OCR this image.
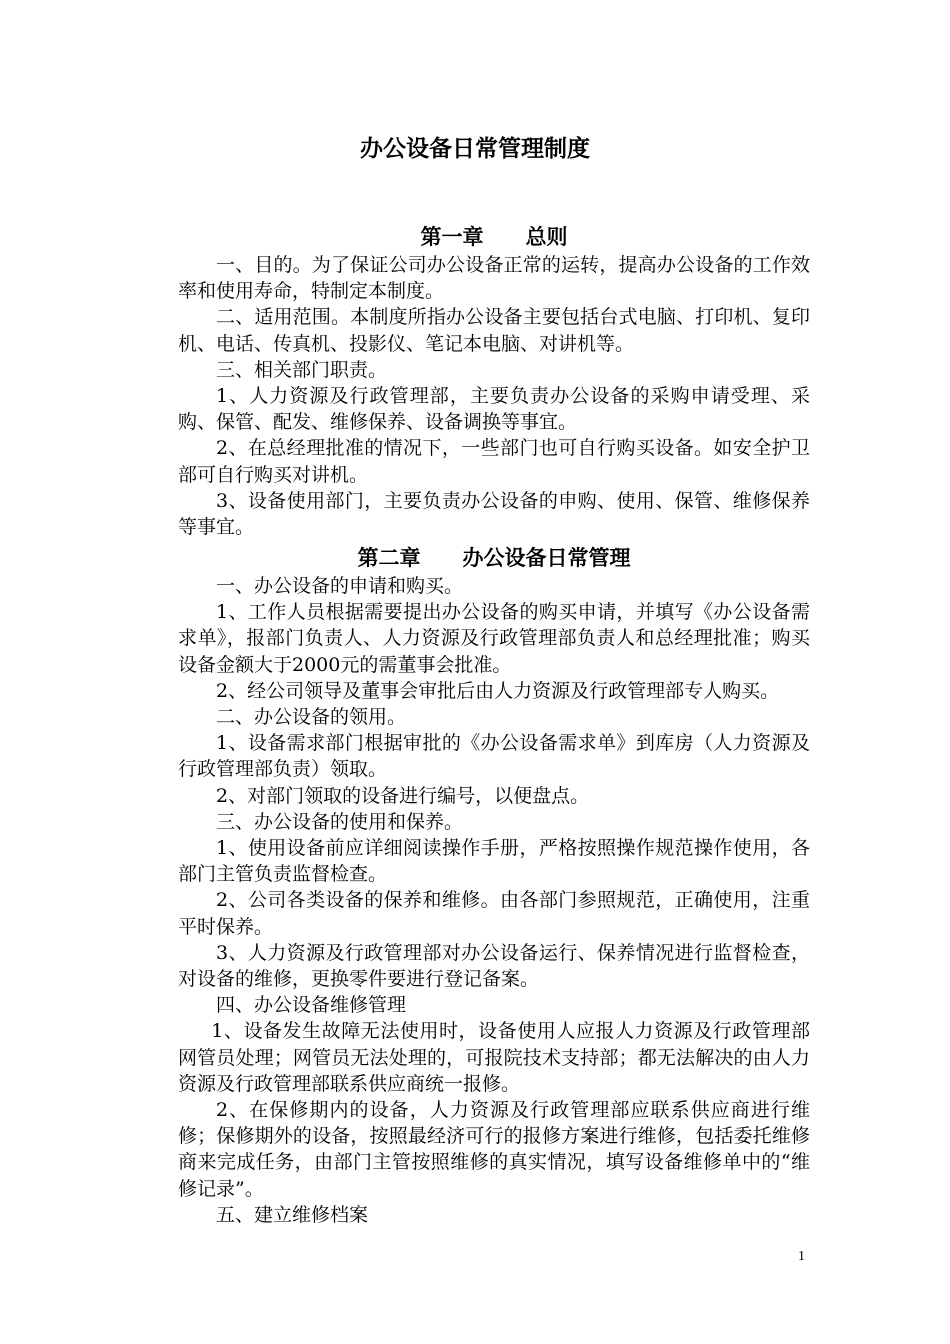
办公设备日常管理制度
第一章　　总则

一、目的。为了保证公司办公设备正常的运转，提高办公设备的工作效率和使用寿命，特制定本制度。

二、适用范围。本制度所指办公设备主要包括台式电脑、打印机、复印机、电话、传真机、投影仪、笔记本电脑、对讲机等。

三、相关部门职责。

1、人力资源及行政管理部，主要负责办公设备的采购申请受理、采购、保管、配发、维修保养、设备调换等事宜。

2、在总经理批准的情况下，一些部门也可自行购买设备。如安全护卫部可自行购买对讲机。

3、设备使用部门，主要负责办公设备的申购、使用、保管、维修保养等事宜。

第二章　　办公设备日常管理

一、办公设备的申请和购买。

1、工作人员根据需要提出办公设备的购买申请，并填写《办公设备需求单》，报部门负责人、人力资源及行政管理部负责人和总经理批准；购买设备金额大于2000元的需董事会批准。

2、经公司领导及董事会审批后由人力资源及行政管理部专人购买。

二、办公设备的领用。

1、设备需求部门根据审批的《办公设备需求单》到库房（人力资源及行政管理部负责）领取。

2、对部门领取的设备进行编号，以便盘点。

三、办公设备的使用和保养。

1、使用设备前应详细阅读操作手册，严格按照操作规范操作使用，各部门主管负责监督检查。

2、公司各类设备的保养和维修。由各部门参照规范，正确使用，注重平时保养。

3、人力资源及行政管理部对办公设备运行、保养情况进行监督检查，对设备的维修，更换零件要进行登记备案。

四、办公设备维修管理

1、设备发生故障无法使用时，设备使用人应报人力资源及行政管理部网管员处理；网管员无法处理的，可报院技术支持部；都无法解决的由人力资源及行政管理部联系供应商统一报修。

2、在保修期内的设备，人力资源及行政管理部应联系供应商进行维修；保修期外的设备，按照最经济可行的报修方案进行维修，包括委托维修商来完成任务，由部门主管按照维修的真实情况，填写设备维修单中的“维修记录”。

五、建立维修档案

1
